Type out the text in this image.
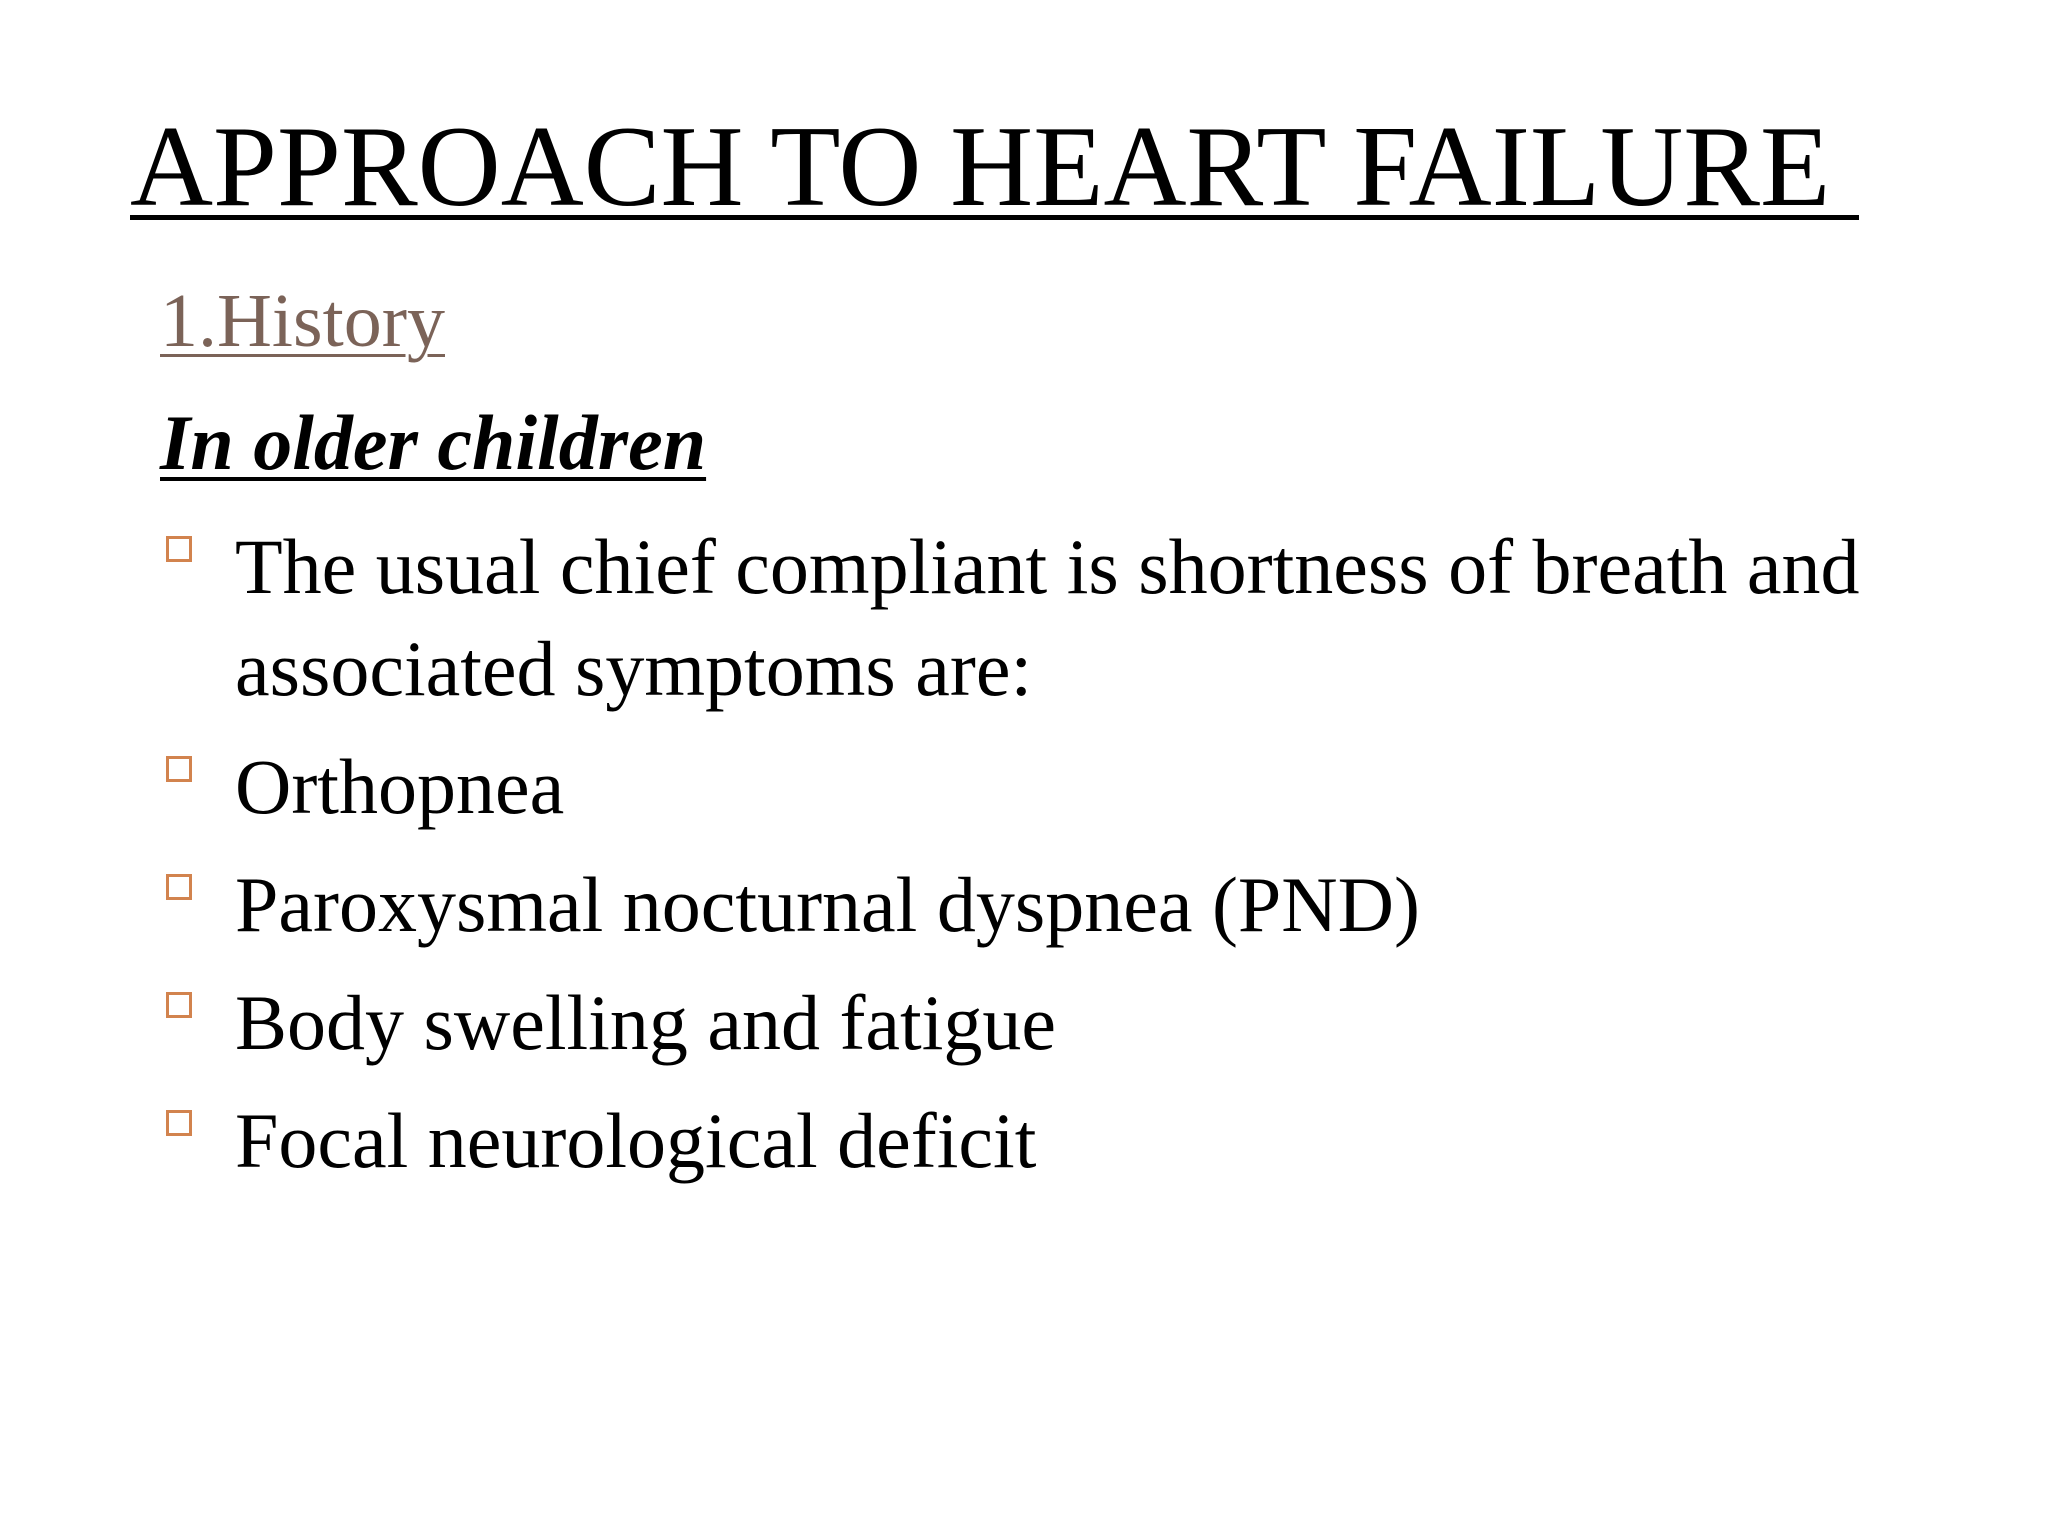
APPROACH TO HEART FAILURE
1.History
In older children
The usual chief compliant is shortness of breath and associated symptoms are:
Orthopnea
Paroxysmal nocturnal dyspnea (PND)
Body swelling and fatigue
Focal neurological deficit
